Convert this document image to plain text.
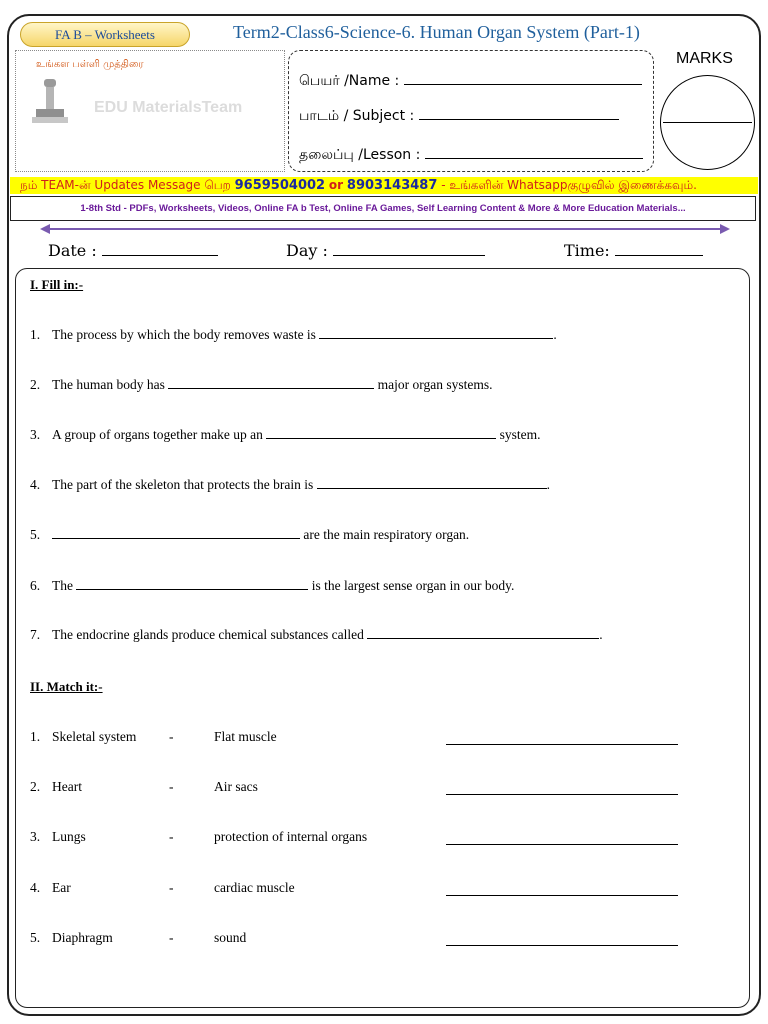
FA B – Worksheets	Term2-Class6-Science-6. Human Organ System (Part-1)
உங்கள பள்ளி முத்திரை
EDU MaterialsTeam
பெயர் /Name :
பாடம் / Subject :
தலைப்பு /Lesson :
MARKS
நம் TEAM-ன் Updates Message பெற 9659504002 or 8903143487 - உங்களின் Whatsappகுழுவில் இணைக்கவும்.
1-8th Std - PDFs, Worksheets, Videos, Online FA b Test, Online FA Games, Self Learning Content & More & More Education Materials...
Date :	Day :	Time:
I. Fill in:-
1. The process by which the body removes waste is	.
2. The human body has	major organ systems.
3. A group of organs together make up an	system.
4. The part of the skeleton that protects the brain is	.
5.	are the main respiratory organ.
6. The	is the largest sense organ in our body.
7. The endocrine glands produce chemical substances called	.
II. Match it:-
1. Skeletal system -	Flat muscle
2. Heart	-	Air sacs
3. Lungs	-	protection of internal organs
4. Ear	-	cardiac muscle
5. Diaphragm	-	sound
